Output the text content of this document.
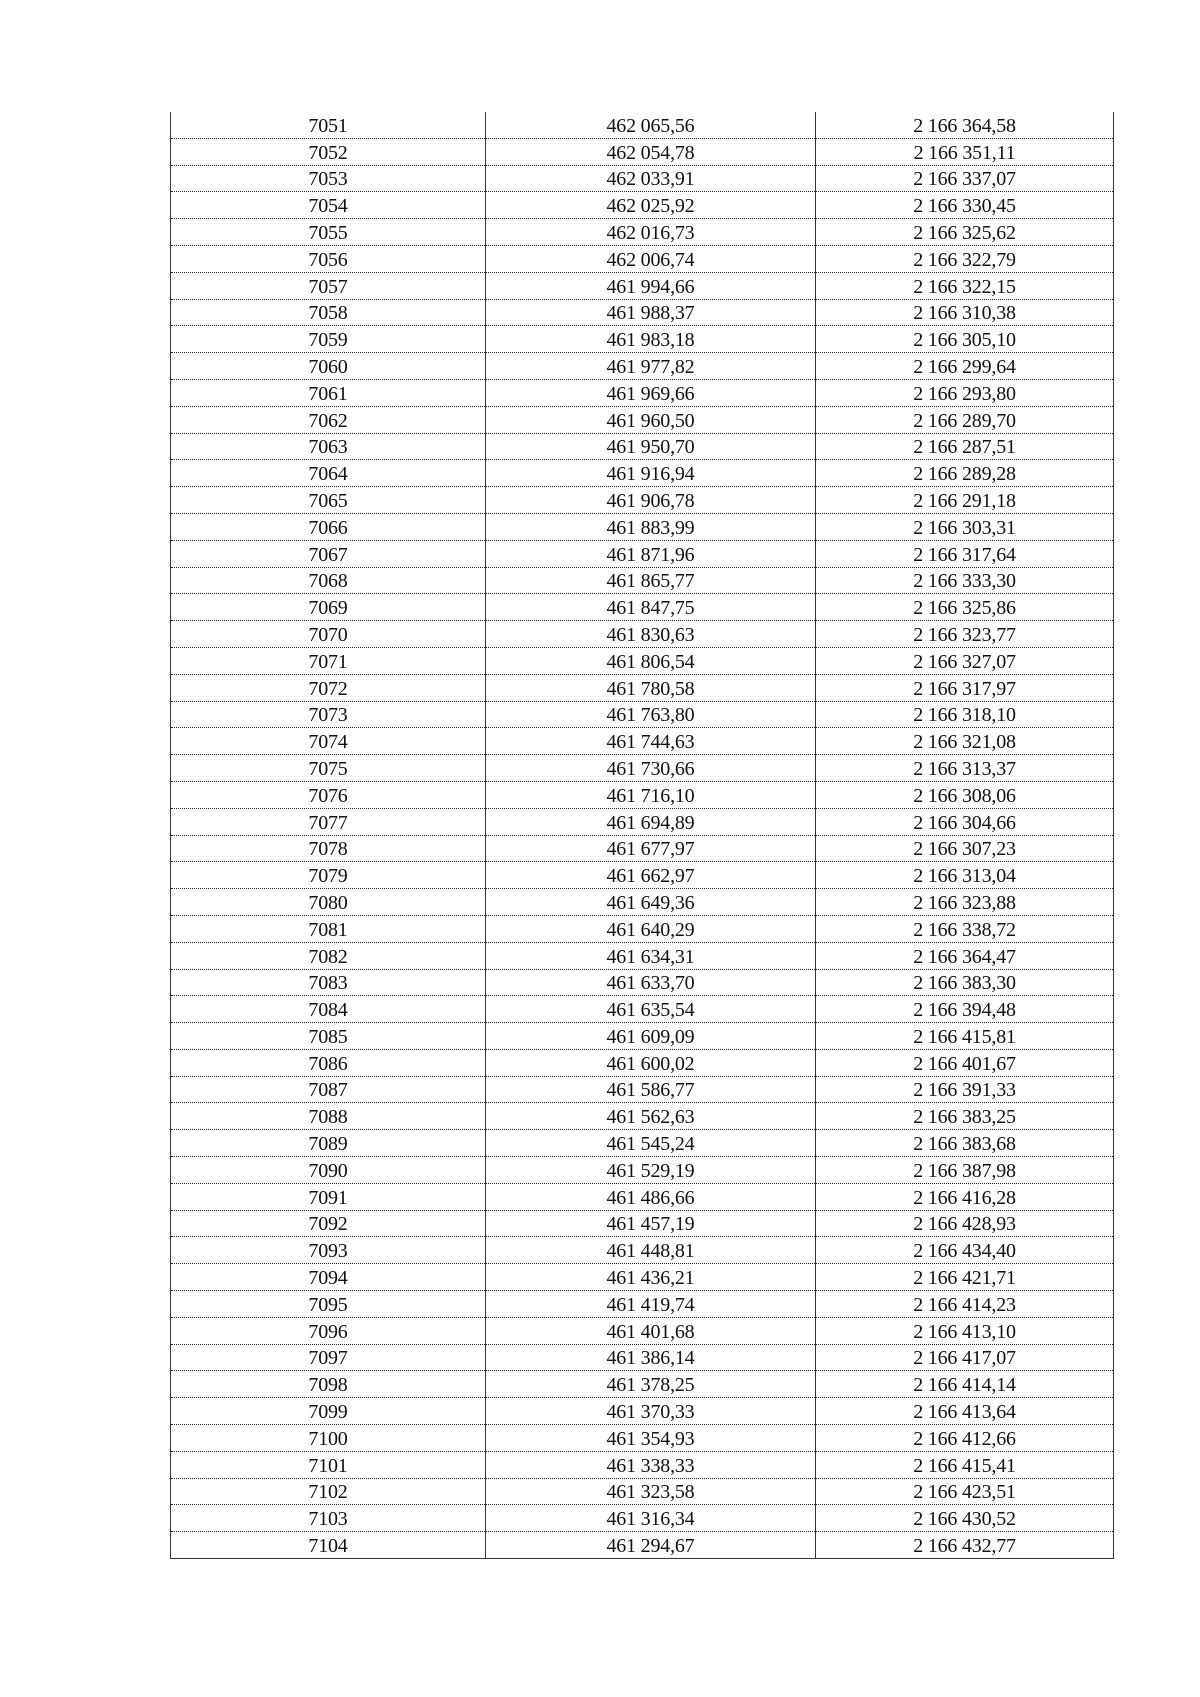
7051	462 065,56	2 166 364,58
7052	462 054,78	2 166 351,11
7053	462 033,91	2 166 337,07
7054	462 025,92	2 166 330,45
7055	462 016,73	2 166 325,62
7056	462 006,74	2 166 322,79
7057	461 994,66	2 166 322,15
7058	461 988,37	2 166 310,38
7059	461 983,18	2 166 305,10
7060	461 977,82	2 166 299,64
7061	461 969,66	2 166 293,80
7062	461 960,50	2 166 289,70
7063	461 950,70	2 166 287,51
7064	461 916,94	2 166 289,28
7065	461 906,78	2 166 291,18
7066	461 883,99	2 166 303,31
7067	461 871,96	2 166 317,64
7068	461 865,77	2 166 333,30
7069	461 847,75	2 166 325,86
7070	461 830,63	2 166 323,77
7071	461 806,54	2 166 327,07
7072	461 780,58	2 166 317,97
7073	461 763,80	2 166 318,10
7074	461 744,63	2 166 321,08
7075	461 730,66	2 166 313,37
7076	461 716,10	2 166 308,06
7077	461 694,89	2 166 304,66
7078	461 677,97	2 166 307,23
7079	461 662,97	2 166 313,04
7080	461 649,36	2 166 323,88
7081	461 640,29	2 166 338,72
7082	461 634,31	2 166 364,47
7083	461 633,70	2 166 383,30
7084	461 635,54	2 166 394,48
7085	461 609,09	2 166 415,81
7086	461 600,02	2 166 401,67
7087	461 586,77	2 166 391,33
7088	461 562,63	2 166 383,25
7089	461 545,24	2 166 383,68
7090	461 529,19	2 166 387,98
7091	461 486,66	2 166 416,28
7092	461 457,19	2 166 428,93
7093	461 448,81	2 166 434,40
7094	461 436,21	2 166 421,71
7095	461 419,74	2 166 414,23
7096	461 401,68	2 166 413,10
7097	461 386,14	2 166 417,07
7098	461 378,25	2 166 414,14
7099	461 370,33	2 166 413,64
7100	461 354,93	2 166 412,66
7101	461 338,33	2 166 415,41
7102	461 323,58	2 166 423,51
7103	461 316,34	2 166 430,52
7104	461 294,67	2 166 432,77
